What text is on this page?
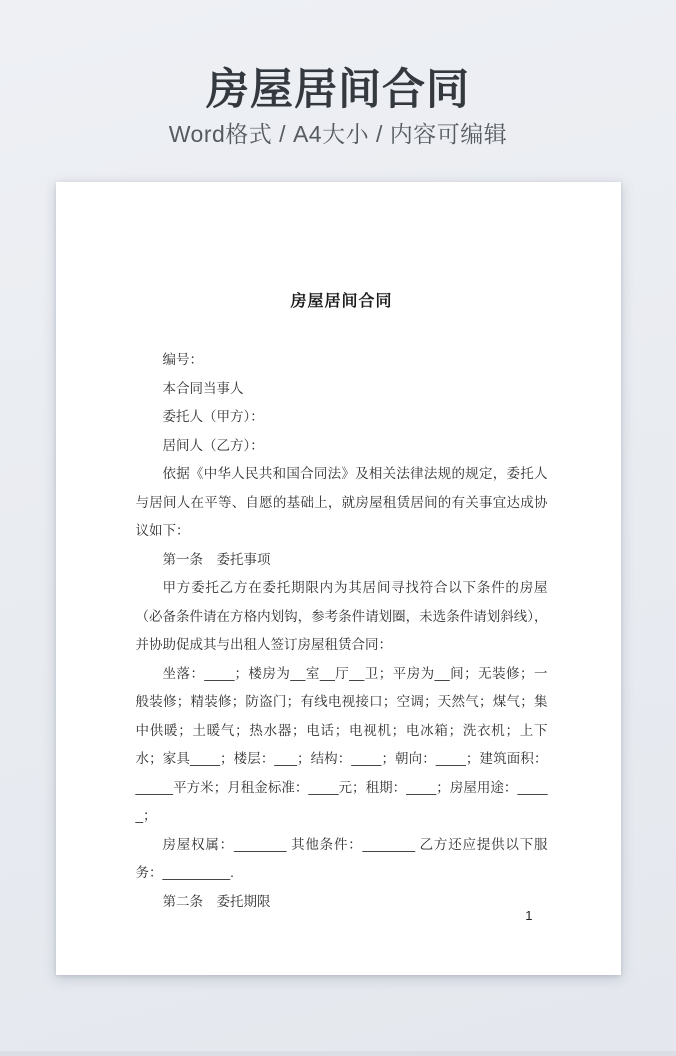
房屋居间合同

Word格式 / A4大小 / 内容可编辑

房屋居间合同

编号：

本合同当事人

委托人（甲方）：

居间人（乙方）：

依据《中华人民共和国合同法》及相关法律法规的规定，委托人与居间人在平等、自愿的基础上，就房屋租赁居间的有关事宜达成协议如下：

第一条　委托事项

甲方委托乙方在委托期限内为其居间寻找符合以下条件的房屋（必备条件请在方格内划钩，参考条件请划圈，未选条件请划斜线），并协助促成其与出租人签订房屋租赁合同：

坐落：____；楼房为__室__厅__卫；平房为__间；无装修；一般装修；精装修；防盗门；有线电视接口；空调；天然气；煤气；集中供暖；土暖气；热水器；电话；电视机；电冰箱；洗衣机；上下水；家具____；楼层：___；结构：____；朝向：____；建筑面积：_____平方米；月租金标准：____元；租期：____；房屋用途：_____；

房屋权属：_______ 其他条件：_______ 乙方还应提供以下服务：_________.

第二条　委托期限

1
